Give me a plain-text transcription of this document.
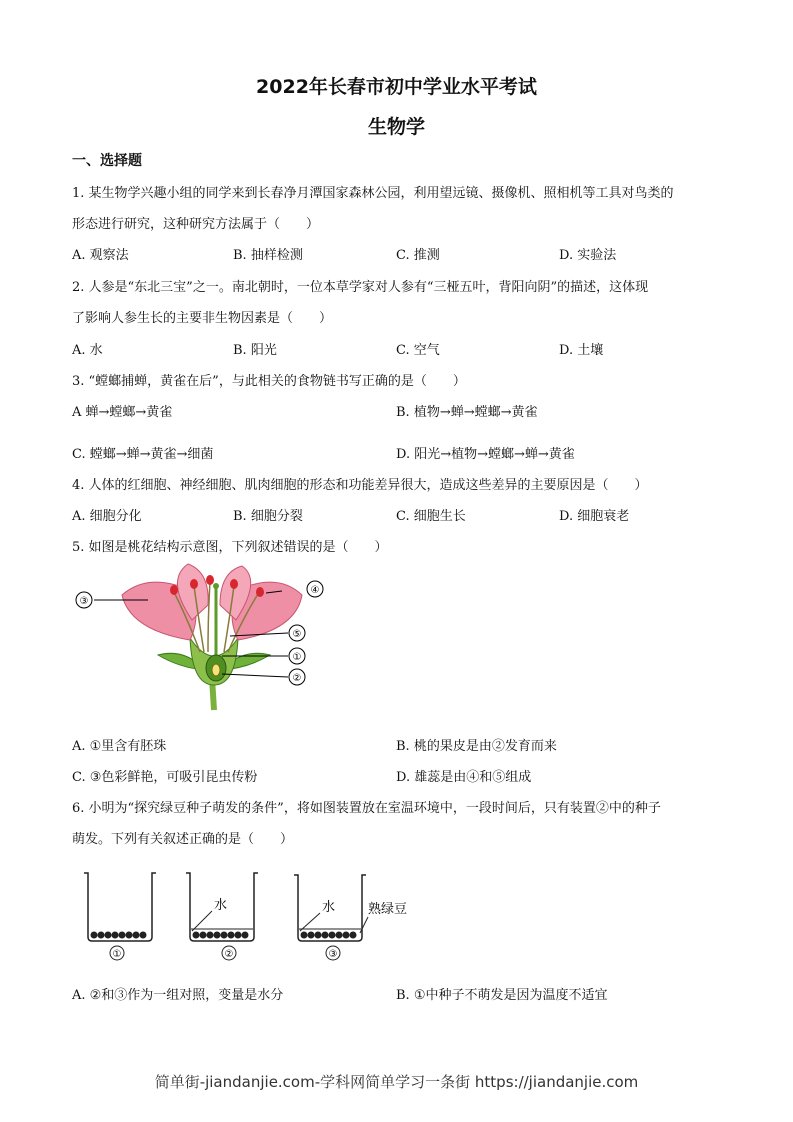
2022年长春市初中学业水平考试
生物学
一、选择题
1. 某生物学兴趣小组的同学来到长春净月潭国家森林公园，利用望远镜、摄像机、照相机等工具对鸟类的
形态进行研究，这种研究方法属于（　　）
A. 观察法	B. 抽样检测	C. 推测	D. 实验法
2. 人参是“东北三宝”之一。南北朝时，一位本草学家对人参有“三桠五叶，背阳向阴”的描述，这体现
了影响人参生长的主要非生物因素是（　　）
A. 水	B. 阳光	C. 空气	D. 土壤
3. “螳螂捕蝉，黄雀在后”，与此相关的食物链书写正确的是（　　）
A 蝉→螳螂→黄雀	B. 植物→蝉→螳螂→黄雀
C. 螳螂→蝉→黄雀→细菌	D. 阳光→植物→螳螂→蝉→黄雀
4. 人体的红细胞、神经细胞、肌肉细胞的形态和功能差异很大，造成这些差异的主要原因是（　　）
A. 细胞分化	B. 细胞分裂	C. 细胞生长	D. 细胞衰老
5. 如图是桃花结构示意图，下列叙述错误的是（　　）
③
④
⑤
①
②
A. ①里含有胚珠	B. 桃的果皮是由②发育而来
C. ③色彩鲜艳，可吸引昆虫传粉	D. 雄蕊是由④和⑤组成
6. 小明为“探究绿豆种子萌发的条件”，将如图装置放在室温环境中，一段时间后，只有装置②中的种子
萌发。下列有关叙述正确的是（　　）
①
水
②
水	熟绿豆
③
A. ②和③作为一组对照，变量是水分	B. ①中种子不萌发是因为温度不适宜
简单街-jiandanjie.com-学科网简单学习一条街 https://jiandanjie.com
